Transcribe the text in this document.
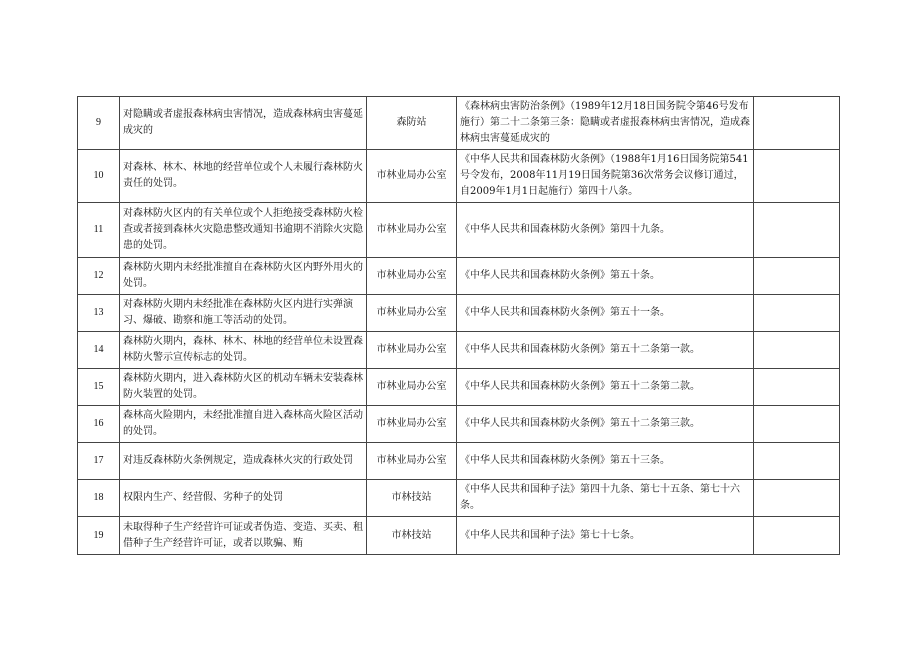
9	对隐瞒或者虚报森林病虫害情况，造成森林病虫害蔓延成灾的	森防站	《森林病虫害防治条例》（1989年12月18日国务院令第46号发布施行）第二十二条第三条：隐瞒或者虚报森林病虫害情况，造成森林病虫害蔓延成灾的	
10	对森林、林木、林地的经营单位或个人未履行森林防火责任的处罚。	市林业局办公室	《中华人民共和国森林防火条例》（1988年1月16日国务院第541号令发布，2008年11月19日国务院第36次常务会议修订通过，自2009年1月1日起施行）第四十八条。	
11	对森林防火区内的有关单位或个人拒绝接受森林防火检查或者接到森林火灾隐患整改通知书逾期不消除火灾隐患的处罚。	市林业局办公室	《中华人民共和国森林防火条例》第四十九条。	
12	森林防火期内未经批准擅自在森林防火区内野外用火的处罚。	市林业局办公室	《中华人民共和国森林防火条例》第五十条。	
13	对森林防火期内未经批准在森林防火区内进行实弹演习、爆破、勘察和施工等活动的处罚。	市林业局办公室	《中华人民共和国森林防火条例》第五十一条。	
14	森林防火期内，森林、林木、林地的经营单位未设置森林防火警示宣传标志的处罚。	市林业局办公室	《中华人民共和国森林防火条例》第五十二条第一款。	
15	森林防火期内，进入森林防火区的机动车辆未安装森林防火装置的处罚。	市林业局办公室	《中华人民共和国森林防火条例》第五十二条第二款。	
16	森林高火险期内，未经批准擅自进入森林高火险区活动的处罚。	市林业局办公室	《中华人民共和国森林防火条例》第五十二条第三款。	
17	对违反森林防火条例规定，造成森林火灾的行政处罚	市林业局办公室	《中华人民共和国森林防火条例》第五十三条。	
18	权限内生产、经营假、劣种子的处罚	市林技站	《中华人民共和国种子法》第四十九条、第七十五条、第七十六条。	
19	未取得种子生产经营许可证或者伪造、变造、买卖、租借种子生产经营许可证，或者以欺骗、贿	市林技站	《中华人民共和国种子法》第七十七条。	
